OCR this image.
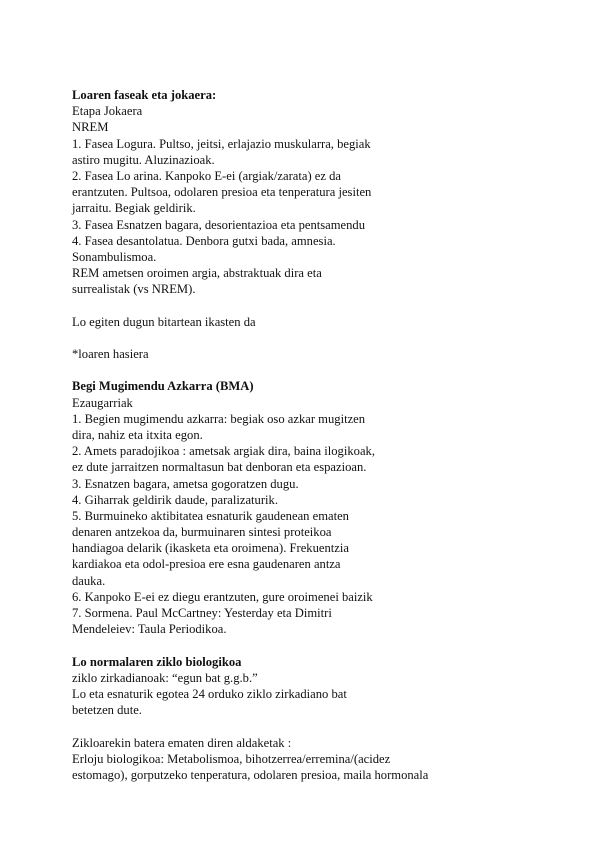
Loaren faseak eta jokaera:
Etapa Jokaera
NREM
1. Fasea Logura. Pultso, jeitsi, erlajazio muskularra, begiak
astiro mugitu. Aluzinazioak.
2. Fasea Lo arina. Kanpoko E-ei (argiak/zarata) ez da
erantzuten. Pultsoa, odolaren presioa eta tenperatura jesiten
jarraitu. Begiak geldirik.
3. Fasea Esnatzen bagara, desorientazioa eta pentsamendu
4. Fasea desantolatua. Denbora gutxi bada, amnesia.
Sonambulismoa.
REM ametsen oroimen argia, abstraktuak dira eta
surrealistak (vs NREM).
Lo egiten dugun bitartean ikasten da
*loaren hasiera
Begi Mugimendu Azkarra (BMA)
Ezaugarriak
1. Begien mugimendu azkarra: begiak oso azkar mugitzen
dira, nahiz eta itxita egon.
2. Amets paradojikoa : ametsak argiak dira, baina ilogikoak,
ez dute jarraitzen normaltasun bat denboran eta espazioan.
3. Esnatzen bagara, ametsa gogoratzen dugu.
4. Giharrak geldirik daude, paralizaturik.
5. Burmuineko aktibitatea esnaturik gaudenean ematen
denaren antzekoa da, burmuinaren sintesi proteikoa
handiagoa delarik (ikasketa eta oroimena). Frekuentzia
kardiakoa eta odol-presioa ere esna gaudenaren antza
dauka.
6. Kanpoko E-ei ez diegu erantzuten, gure oroimenei baizik
7. Sormena. Paul McCartney: Yesterday eta Dimitri
Mendeleiev: Taula Periodikoa.
Lo normalaren ziklo biologikoa
ziklo zirkadianoak: “egun bat g.g.b.”
Lo eta esnaturik egotea 24 orduko ziklo zirkadiano bat
betetzen dute.
Zikloarekin batera ematen diren aldaketak :
Erloju biologikoa: Metabolismoa, bihotzerrea/erremina/(acidez
estomago), gorputzeko tenperatura, odolaren presioa, maila hormonala
